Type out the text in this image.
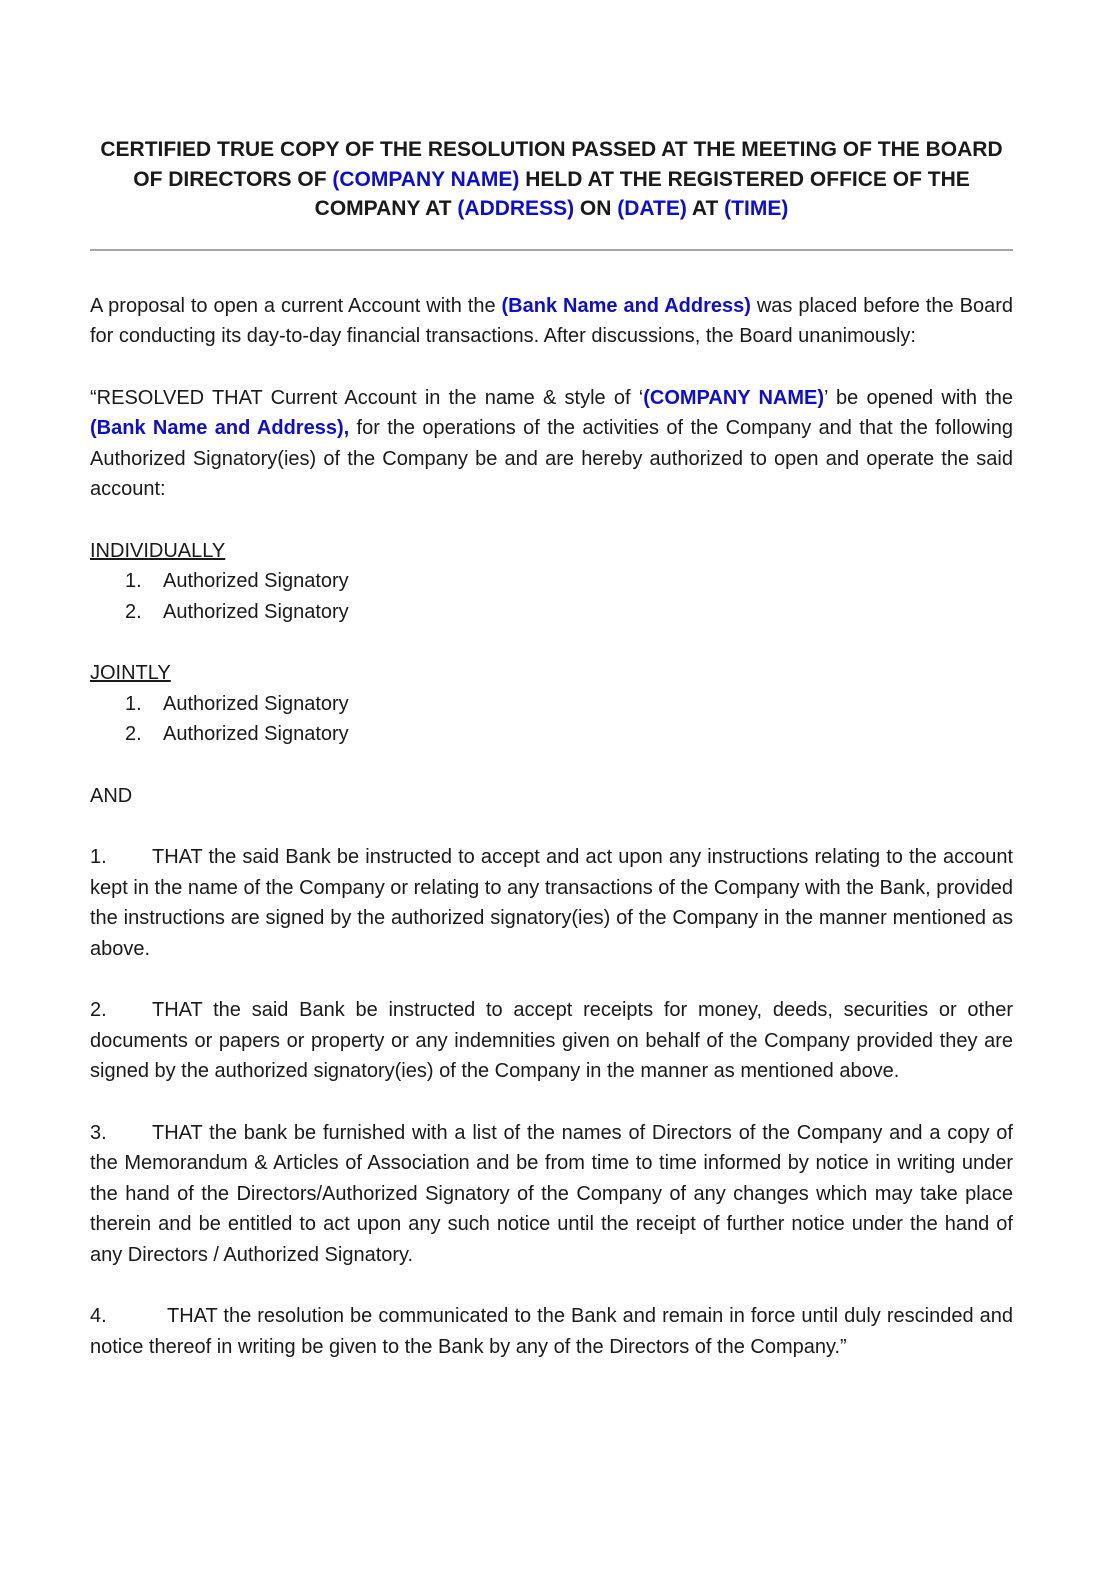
CERTIFIED TRUE COPY OF THE RESOLUTION PASSED AT THE MEETING OF THE BOARD OF DIRECTORS OF (COMPANY NAME) HELD AT THE REGISTERED OFFICE OF THE COMPANY AT (ADDRESS) ON (DATE) AT (TIME)

A proposal to open a current Account with the (Bank Name and Address) was placed before the Board for conducting its day-to-day financial transactions. After discussions, the Board unanimously:

“RESOLVED THAT Current Account in the name & style of ‘(COMPANY NAME)’ be opened with the (Bank Name and Address), for the operations of the activities of the Company and that the following Authorized Signatory(ies) of the Company be and are hereby authorized to open and operate the said account:

INDIVIDUALLY

1. Authorized Signatory
2. Authorized Signatory

JOINTLY

1. Authorized Signatory
2. Authorized Signatory

AND

1. THAT the said Bank be instructed to accept and act upon any instructions relating to the account kept in the name of the Company or relating to any transactions of the Company with the Bank, provided the instructions are signed by the authorized signatory(ies) of the Company in the manner mentioned as above.

2. THAT the said Bank be instructed to accept receipts for money, deeds, securities or other documents or papers or property or any indemnities given on behalf of the Company provided they are signed by the authorized signatory(ies) of the Company in the manner as mentioned above.

3. THAT the bank be furnished with a list of the names of Directors of the Company and a copy of the Memorandum & Articles of Association and be from time to time informed by notice in writing under the hand of the Directors/Authorized Signatory of the Company of any changes which may take place therein and be entitled to act upon any such notice until the receipt of further notice under the hand of any Directors / Authorized Signatory.

4.	THAT the resolution be communicated to the Bank and remain in force until duly rescinded and notice thereof in writing be given to the Bank by any of the Directors of the Company.”
